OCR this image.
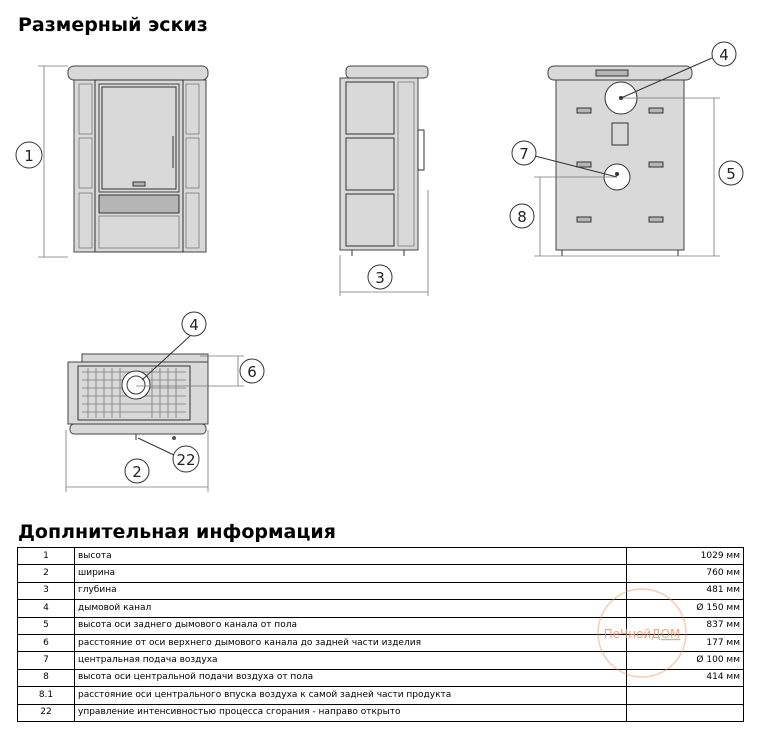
Размерный эскиз
1
3
4
7
5
8
4
6
2
22
Доплнительная информация
1	высота	1029 мм
2	ширина	760 мм
3	глубина	481 мм
4	дымовой канал	Ø 150 мм
5	высота оси заднего дымового канала от пола	837 мм
6	расстояние от оси верхнего дымового канала до задней части изделия	177 мм
7	центральная подача воздуха	Ø 100 мм
8	высота оси центральной подачи воздуха от пола	414 мм
8.1	расстояние оси центрального впуска воздуха к самой задней части продукта	
22	управление интенсивностью процесса сгорания - направо открыто	
ПеЧнойДОМ
